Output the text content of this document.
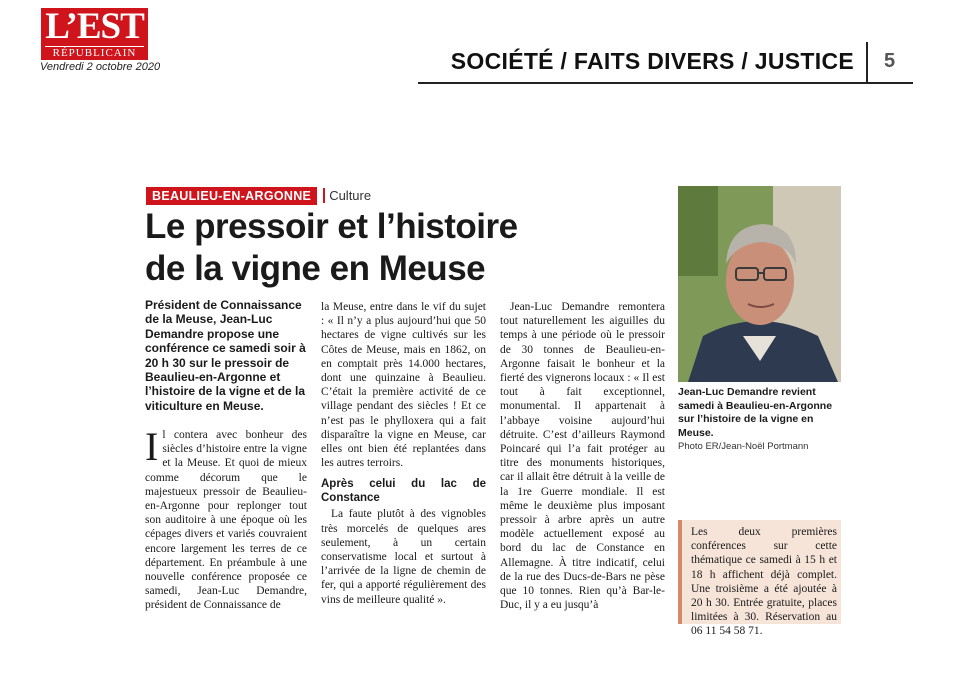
L’EST
RÉPUBLICAIN
Vendredi 2 octobre 2020	SOCIÉTÉ / FAITS DIVERS / JUSTICE 5
BEAULIEU-EN-ARGONNE	Culture
Le pressoir et l’histoire
de la vigne en Meuse
Président de Connaissance de la Meuse, Jean-Luc Demandre propose une conférence ce samedi soir à 20 h 30 sur le pressoir de Beaulieu-en-Argonne et l’histoire de la vigne et de la viticulture en Meuse.
I l contera avec bonheur des siècles d’histoire entre la vigne et la Meuse. Et quoi de mieux comme décorum que le majestueux pressoir de Beaulieu-en-Argonne pour replonger tout son auditoire à une époque où les cépages divers et variés couvraient encore largement les terres de ce département. En préambule à une nouvelle conférence proposée ce samedi, Jean-Luc Demandre, président de Connaissance de

la Meuse, entre dans le vif du sujet : « Il n’y a plus aujourd’hui que 50 hectares de vigne cultivés sur les Côtes de Meuse, mais en 1862, on en comptait près 14.000 hectares, dont une quinzaine à Beaulieu. C’était la première activité de ce village pendant des siècles ! Et ce n’est pas le phylloxera qui a fait disparaître la vigne en Meuse, car elles ont bien été replantées dans les autres terroirs.

Après celui du lac de Constance

La faute plutôt à des vignobles très morcelés de quelques ares seulement, à un certain conservatisme local et surtout à l’arrivée de la ligne de chemin de fer, qui a apporté régulièrement des vins de meilleure qualité ».

Jean-Luc Demandre remontera tout naturellement les aiguilles du temps à une période où le pressoir de 30 tonnes de Beaulieu-en-Argonne faisait le bonheur et la fierté des vignerons locaux : « Il est tout à fait exceptionnel, monumental. Il appartenait à l’abbaye voisine aujourd’hui détruite. C’est d’ailleurs Raymond Poincaré qui l’a fait protéger au titre des monuments historiques, car il allait être détruit à la veille de la 1re Guerre mondiale. Il est même le deuxième plus imposant pressoir à arbre après un autre modèle actuellement exposé au bord du lac de Constance en Allemagne. À titre indicatif, celui de la rue des Ducs-de-Bars ne pèse que 10 tonnes. Rien qu’à Bar-le-Duc, il y a eu jusqu’à

Jean-Luc Demandre revient samedi à Beaulieu-en-Argonne sur l’histoire de la vigne en Meuse.
Photo ER/Jean-Noël Portmann
Les deux premières conférences sur cette thématique ce samedi à 15 h et 18 h affichent déjà complet. Une troisième a été ajoutée à 20 h 30. Entrée gratuite, places limitées à 30. Réservation au 06 11 54 58 71.
